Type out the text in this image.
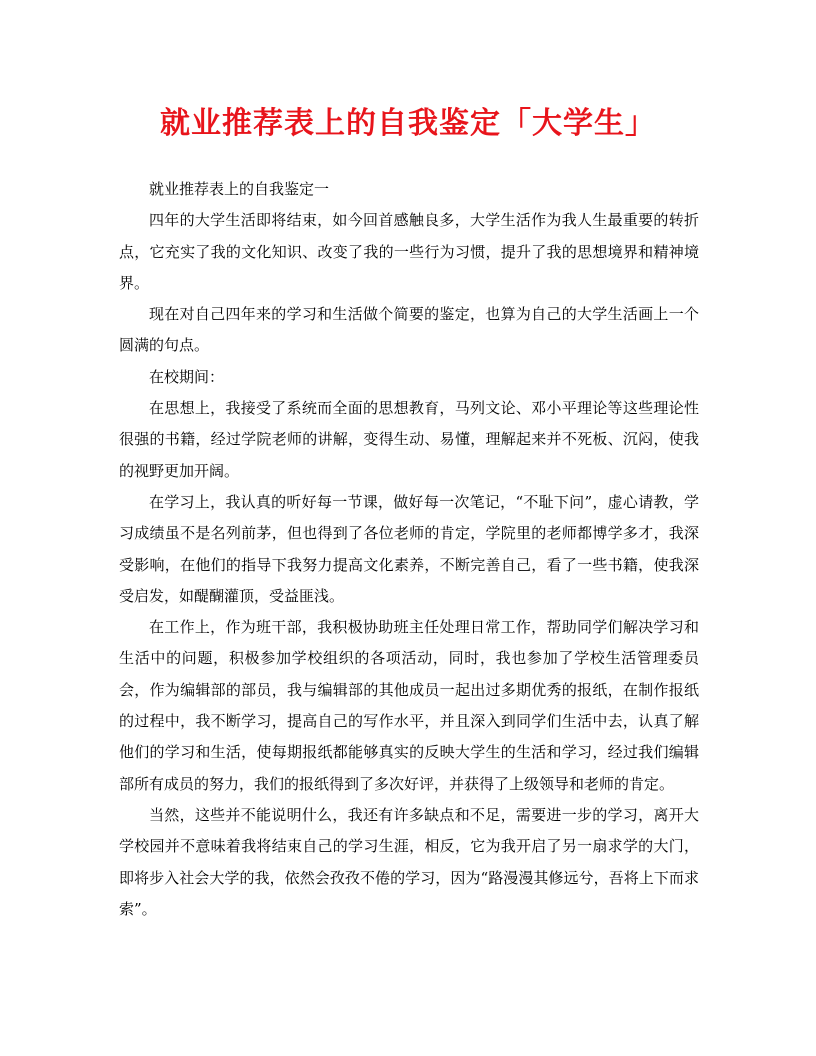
就业推荐表上的自我鉴定「大学生」

就业推荐表上的自我鉴定一

四年的大学生活即将结束，如今回首感触良多，大学生活作为我人生最重要的转折点，它充实了我的文化知识、改变了我的一些行为习惯，提升了我的思想境界和精神境界。

现在对自己四年来的学习和生活做个简要的鉴定，也算为自己的大学生活画上一个圆满的句点。

在校期间：

在思想上，我接受了系统而全面的思想教育，马列文论、邓小平理论等这些理论性很强的书籍，经过学院老师的讲解，变得生动、易懂，理解起来并不死板、沉闷，使我的视野更加开阔。

在学习上，我认真的听好每一节课，做好每一次笔记，“不耻下问”，虚心请教，学习成绩虽不是名列前茅，但也得到了各位老师的肯定，学院里的老师都博学多才，我深受影响，在他们的指导下我努力提高文化素养，不断完善自己，看了一些书籍，使我深受启发，如醍醐灌顶，受益匪浅。

在工作上，作为班干部，我积极协助班主任处理日常工作，帮助同学们解决学习和生活中的问题，积极参加学校组织的各项活动，同时，我也参加了学校生活管理委员会，作为编辑部的部员，我与编辑部的其他成员一起出过多期优秀的报纸，在制作报纸的过程中，我不断学习，提高自己的写作水平，并且深入到同学们生活中去，认真了解他们的学习和生活，使每期报纸都能够真实的反映大学生的生活和学习，经过我们编辑部所有成员的努力，我们的报纸得到了多次好评，并获得了上级领导和老师的肯定。

当然，这些并不能说明什么，我还有许多缺点和不足，需要进一步的学习，离开大学校园并不意味着我将结束自己的学习生涯，相反，它为我开启了另一扇求学的大门，即将步入社会大学的我，依然会孜孜不倦的学习，因为“路漫漫其修远兮，吾将上下而求索”。
